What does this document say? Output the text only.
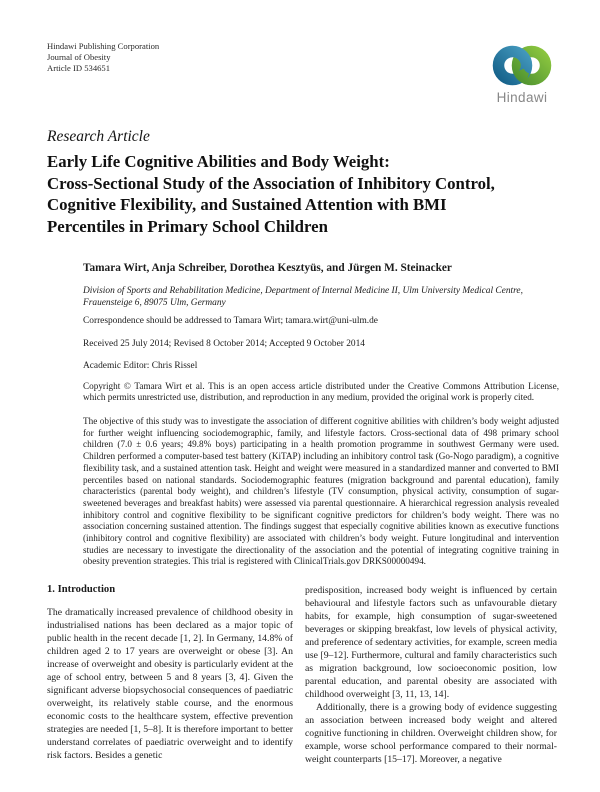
Hindawi Publishing Corporation
Journal of Obesity
Article ID 534651
Hindawi
Research Article
Early Life Cognitive Abilities and Body Weight:
Cross-Sectional Study of the Association of Inhibitory Control,
Cognitive Flexibility, and Sustained Attention with BMI
Percentiles in Primary School Children
Tamara Wirt, Anja Schreiber, Dorothea Kesztyüs, and Jürgen M. Steinacker
Division of Sports and Rehabilitation Medicine, Department of Internal Medicine II, Ulm University Medical Centre, Frauensteige 6, 89075 Ulm, Germany
Correspondence should be addressed to Tamara Wirt; tamara.wirt@uni-ulm.de
Received 25 July 2014; Revised 8 October 2014; Accepted 9 October 2014
Academic Editor: Chris Rissel
Copyright © Tamara Wirt et al. This is an open access article distributed under the Creative Commons Attribution License, which permits unrestricted use, distribution, and reproduction in any medium, provided the original work is properly cited.
The objective of this study was to investigate the association of different cognitive abilities with children’s body weight adjusted for further weight influencing sociodemographic, family, and lifestyle factors. Cross-sectional data of 498 primary school children (7.0 ± 0.6 years; 49.8% boys) participating in a health promotion programme in southwest Germany were used. Children performed a computer-based test battery (KiTAP) including an inhibitory control task (Go-Nogo paradigm), a cognitive flexibility task, and a sustained attention task. Height and weight were measured in a standardized manner and converted to BMI percentiles based on national standards. Sociodemographic features (migration background and parental education), family characteristics (parental body weight), and children’s lifestyle (TV consumption, physical activity, consumption of sugar-sweetened beverages and breakfast habits) were assessed via parental questionnaire. A hierarchical regression analysis revealed inhibitory control and cognitive flexibility to be significant cognitive predictors for children’s body weight. There was no association concerning sustained attention. The findings suggest that especially cognitive abilities known as executive functions (inhibitory control and cognitive flexibility) are associated with children’s body weight. Future longitudinal and intervention studies are necessary to investigate the directionality of the association and the potential of integrating cognitive training in obesity prevention strategies. This trial is registered with ClinicalTrials.gov DRKS00000494.
1. Introduction

The dramatically increased prevalence of childhood obesity in industrialised nations has been declared as a major topic of public health in the recent decade [1, 2]. In Germany, 14.8% of children aged 2 to 17 years are overweight or obese [3]. An increase of overweight and obesity is particularly evident at the age of school entry, between 5 and 8 years [3, 4]. Given the significant adverse biopsychosocial consequences of paediatric overweight, its relatively stable course, and the enormous economic costs to the healthcare system, effective prevention strategies are needed [1, 5–8]. It is therefore important to better understand correlates of paediatric overweight and to identify risk factors. Besides a genetic

predisposition, increased body weight is influenced by certain behavioural and lifestyle factors such as unfavourable dietary habits, for example, high consumption of sugar-sweetened beverages or skipping breakfast, low levels of physical activity, and preference of sedentary activities, for example, screen media use [9–12]. Furthermore, cultural and family characteristics such as migration background, low socioeconomic position, low parental education, and parental obesity are associated with childhood overweight [3, 11, 13, 14].

Additionally, there is a growing body of evidence suggesting an association between increased body weight and altered cognitive functioning in children. Overweight children show, for example, worse school performance compared to their normal-weight counterparts [15–17]. Moreover, a negative
